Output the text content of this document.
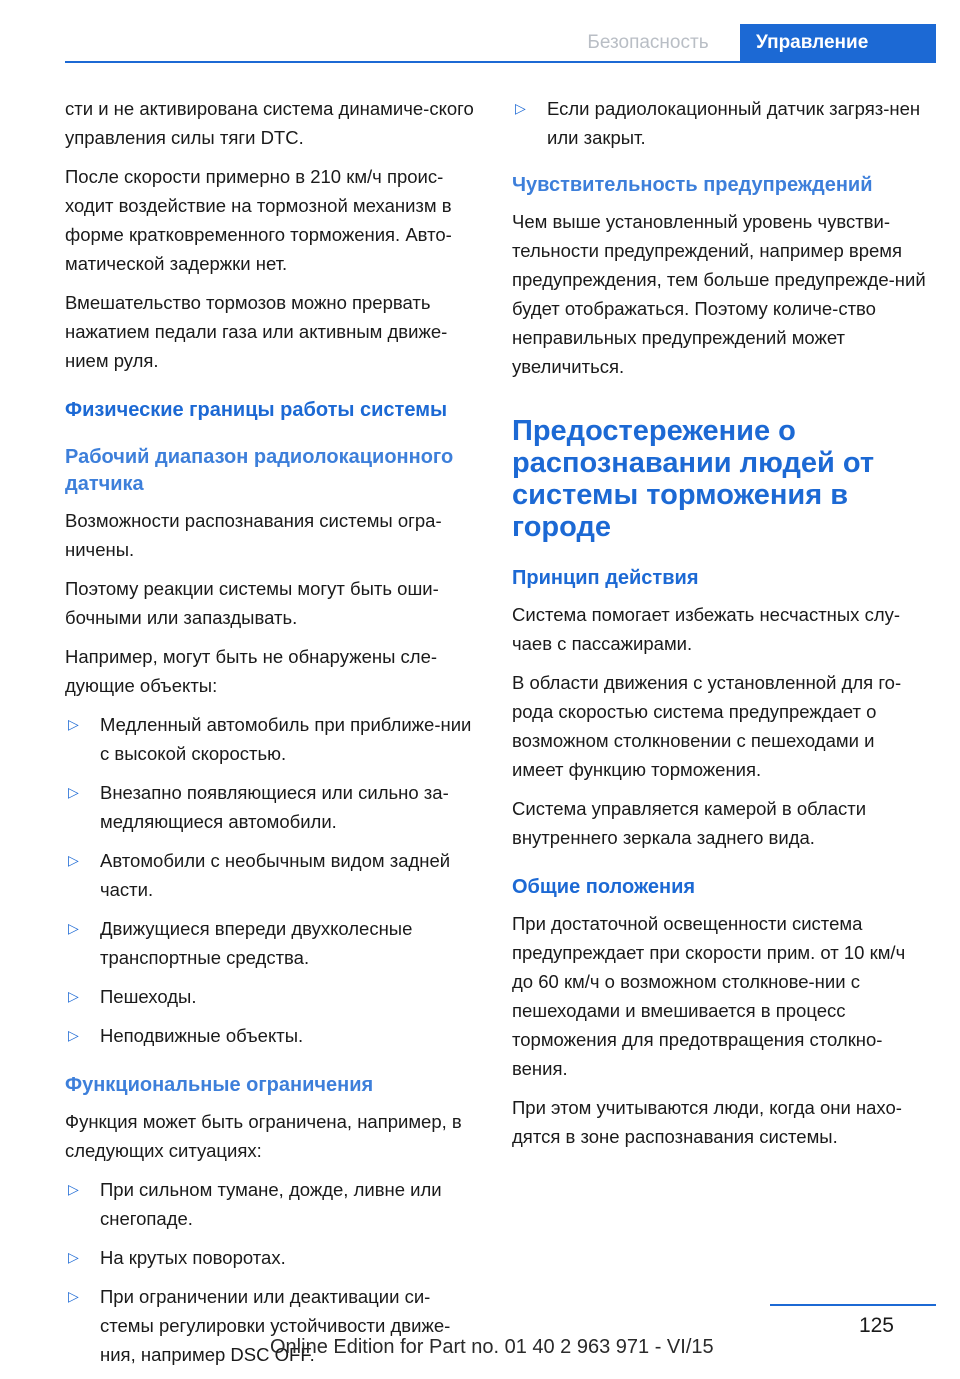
Безопасность	Управление

сти и не активирована система динамиче‐ского управления силы тяги DTC.

После скорости примерно в 210 км/ч проис‐ходит воздействие на тормозной механизм в форме кратковременного торможения. Авто‐матической задержки нет.

Вмешательство тормозов можно прервать нажатием педали газа или активным движе‐нием руля.

Физические границы работы системы
Рабочий диапазон радиолокационного датчика

Возможности распознавания системы огра‐ничены.

Поэтому реакции системы могут быть оши‐бочными или запаздывать.

Например, могут быть не обнаружены сле‐дующие объекты:

▷ Медленный автомобиль при приближе‐нии с высокой скоростью.
▷ Внезапно появляющиеся или сильно за‐медляющиеся автомобили.
▷ Автомобили с необычным видом задней части.
▷ Движущиеся впереди двухколесные транспортные средства.
▷ Пешеходы.
▷ Неподвижные объекты.
Функциональные ограничения

Функция может быть ограничена, например, в следующих ситуациях:

▷ При сильном тумане, дожде, ливне или снегопаде.
▷ На крутых поворотах.
▷ При ограничении или деактивации си‐стемы регулировки устойчивости движе‐ния, например DSC OFF.
▷ Если радиолокационный датчик загряз‐нен или закрыт.
Чувствительность предупреждений

Чем выше установленный уровень чувстви‐тельности предупреждений, например время предупреждения, тем больше предупрежде‐ний будет отображаться. Поэтому количе‐ство неправильных предупреждений может увеличиться.

Предостережение о распознавании людей от системы торможения в городе
Принцип действия

Система помогает избежать несчастных слу‐чаев с пассажирами.

В области движения с установленной для го‐рода скоростью система предупреждает о возможном столкновении с пешеходами и имеет функцию торможения.

Система управляется камерой в области внутреннего зеркала заднего вида.

Общие положения

При достаточной освещенности система предупреждает при скорости прим. от 10 км/ч до 60 км/ч о возможном столкнове‐нии с пешеходами и вмешивается в процесс торможения для предотвращения столкно‐вения.

При этом учитываются люди, когда они нахо‐дятся в зоне распознавания системы.

125
Online Edition for Part no. 01 40 2 963 971 - VI/15
